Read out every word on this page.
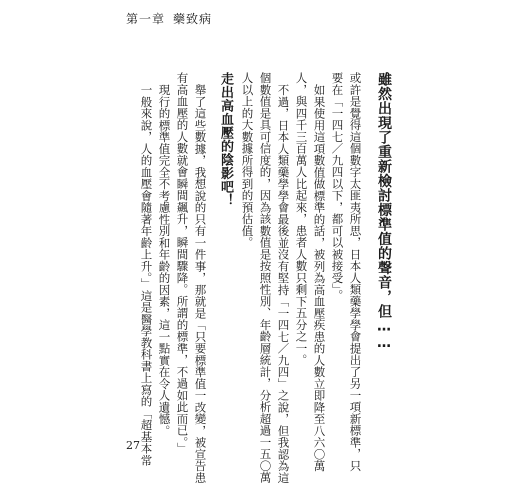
第一章 藥致病
雖然出現了重新檢討標準值的聲音，但……
或許是覺得這個數字太匪夷所思，日本人類藥學學會提出了另一項新標準，只
要在「一四七／九四以下，都可以被接受」。
如果使用這項數值做標準的話，被列為高血壓疾患的人數立即降至八六〇萬
人，與四千三百萬人比起來，患者人數只剩下五分之一。
不過，日本人類藥學學會最後並沒有堅持「一四七／九四」之說，但我認為這
個數值是具可信度的，因為該數值是按照性別、年齡層統計，分析超過一五〇萬
人以上的大數據所得到的預估值。
走出高血壓的陰影吧！
舉了這些數據，我想說的只有一件事，那就是「只要標準值一改變，被宣告患
有高血壓的人數就會瞬間飆升，瞬間驟降。所謂的標準，不過如此而已。」
現行的標準值完全不考慮性別和年齡的因素，這一點實在令人遺憾。
一般來說，人的血壓會隨著年齡上升。」這是醫學教科書上寫的「超基本常
27
